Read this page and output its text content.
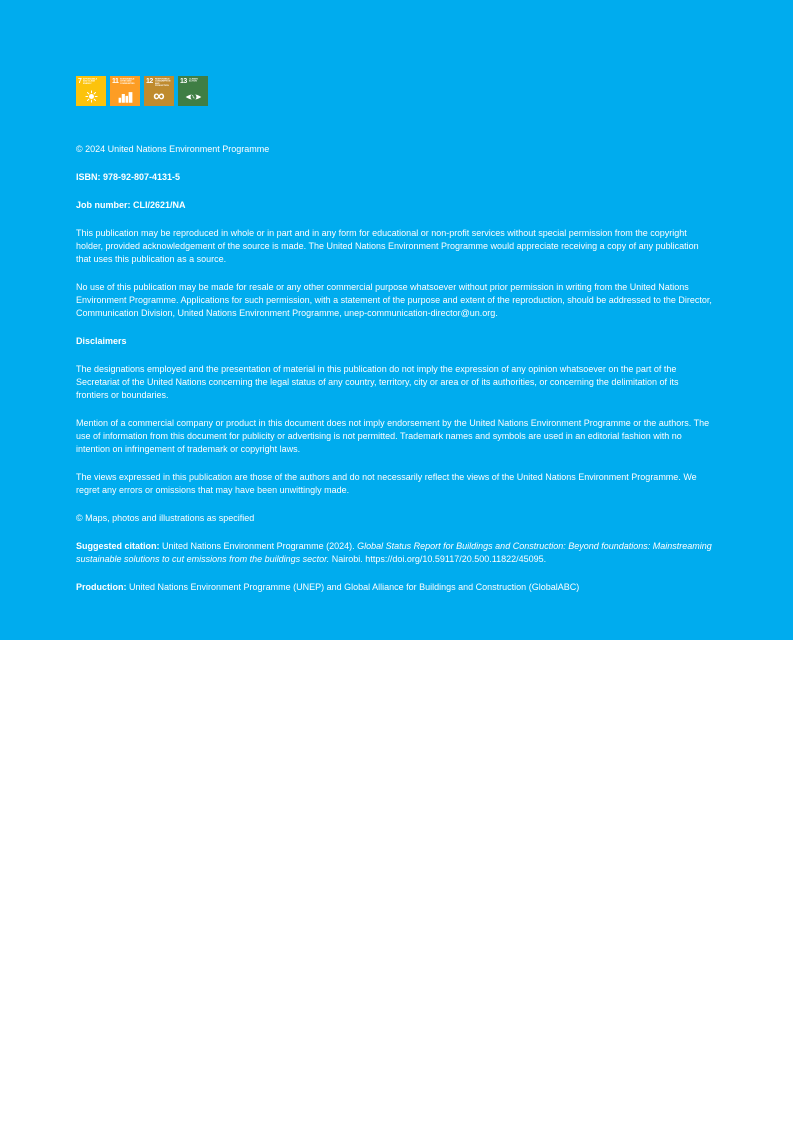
7 AFFORDABLE AND CLEAN ENERGY	11 SUSTAINABLE CITIES AND COMMUNITIES 12 RESPONSIBLE CONSUMPTION AND PRODUCTION
∞
13 CLIMATE ACTION

© 2024 United Nations Environment Programme

ISBN: 978-92-807-4131-5

Job number: CLI/2621/NA

This publication may be reproduced in whole or in part and in any form for educational or non-profit services without special permission from the copyright holder, provided acknowledgement of the source is made. The United Nations Environment Programme would appreciate receiving a copy of any publication that uses this publication as a source.

No use of this publication may be made for resale or any other commercial purpose whatsoever without prior permission in writing from the United Nations Environment Programme. Applications for such permission, with a statement of the purpose and extent of the reproduction, should be addressed to the Director, Communication Division, United Nations Environment Programme, unep-communication-director@un.org.

Disclaimers

The designations employed and the presentation of material in this publication do not imply the expression of any opinion whatsoever on the part of the Secretariat of the United Nations concerning the legal status of any country, territory, city or area or of its authorities, or concerning the delimitation of its frontiers or boundaries.

Mention of a commercial company or product in this document does not imply endorsement by the United Nations Environment Programme or the authors. The use of information from this document for publicity or advertising is not permitted. Trademark names and symbols are used in an editorial fashion with no intention on infringement of trademark or copyright laws.

The views expressed in this publication are those of the authors and do not necessarily reflect the views of the United Nations Environment Programme. We regret any errors or omissions that may have been unwittingly made.

© Maps, photos and illustrations as specified

Suggested citation: United Nations Environment Programme (2024). Global Status Report for Buildings and Construction: Beyond foundations: Mainstreaming sustainable solutions to cut emissions from the buildings sector. Nairobi. https://doi.org/10.59117/20.500.11822/45095.

Production: United Nations Environment Programme (UNEP) and Global Alliance for Buildings and Construction (GlobalABC)
